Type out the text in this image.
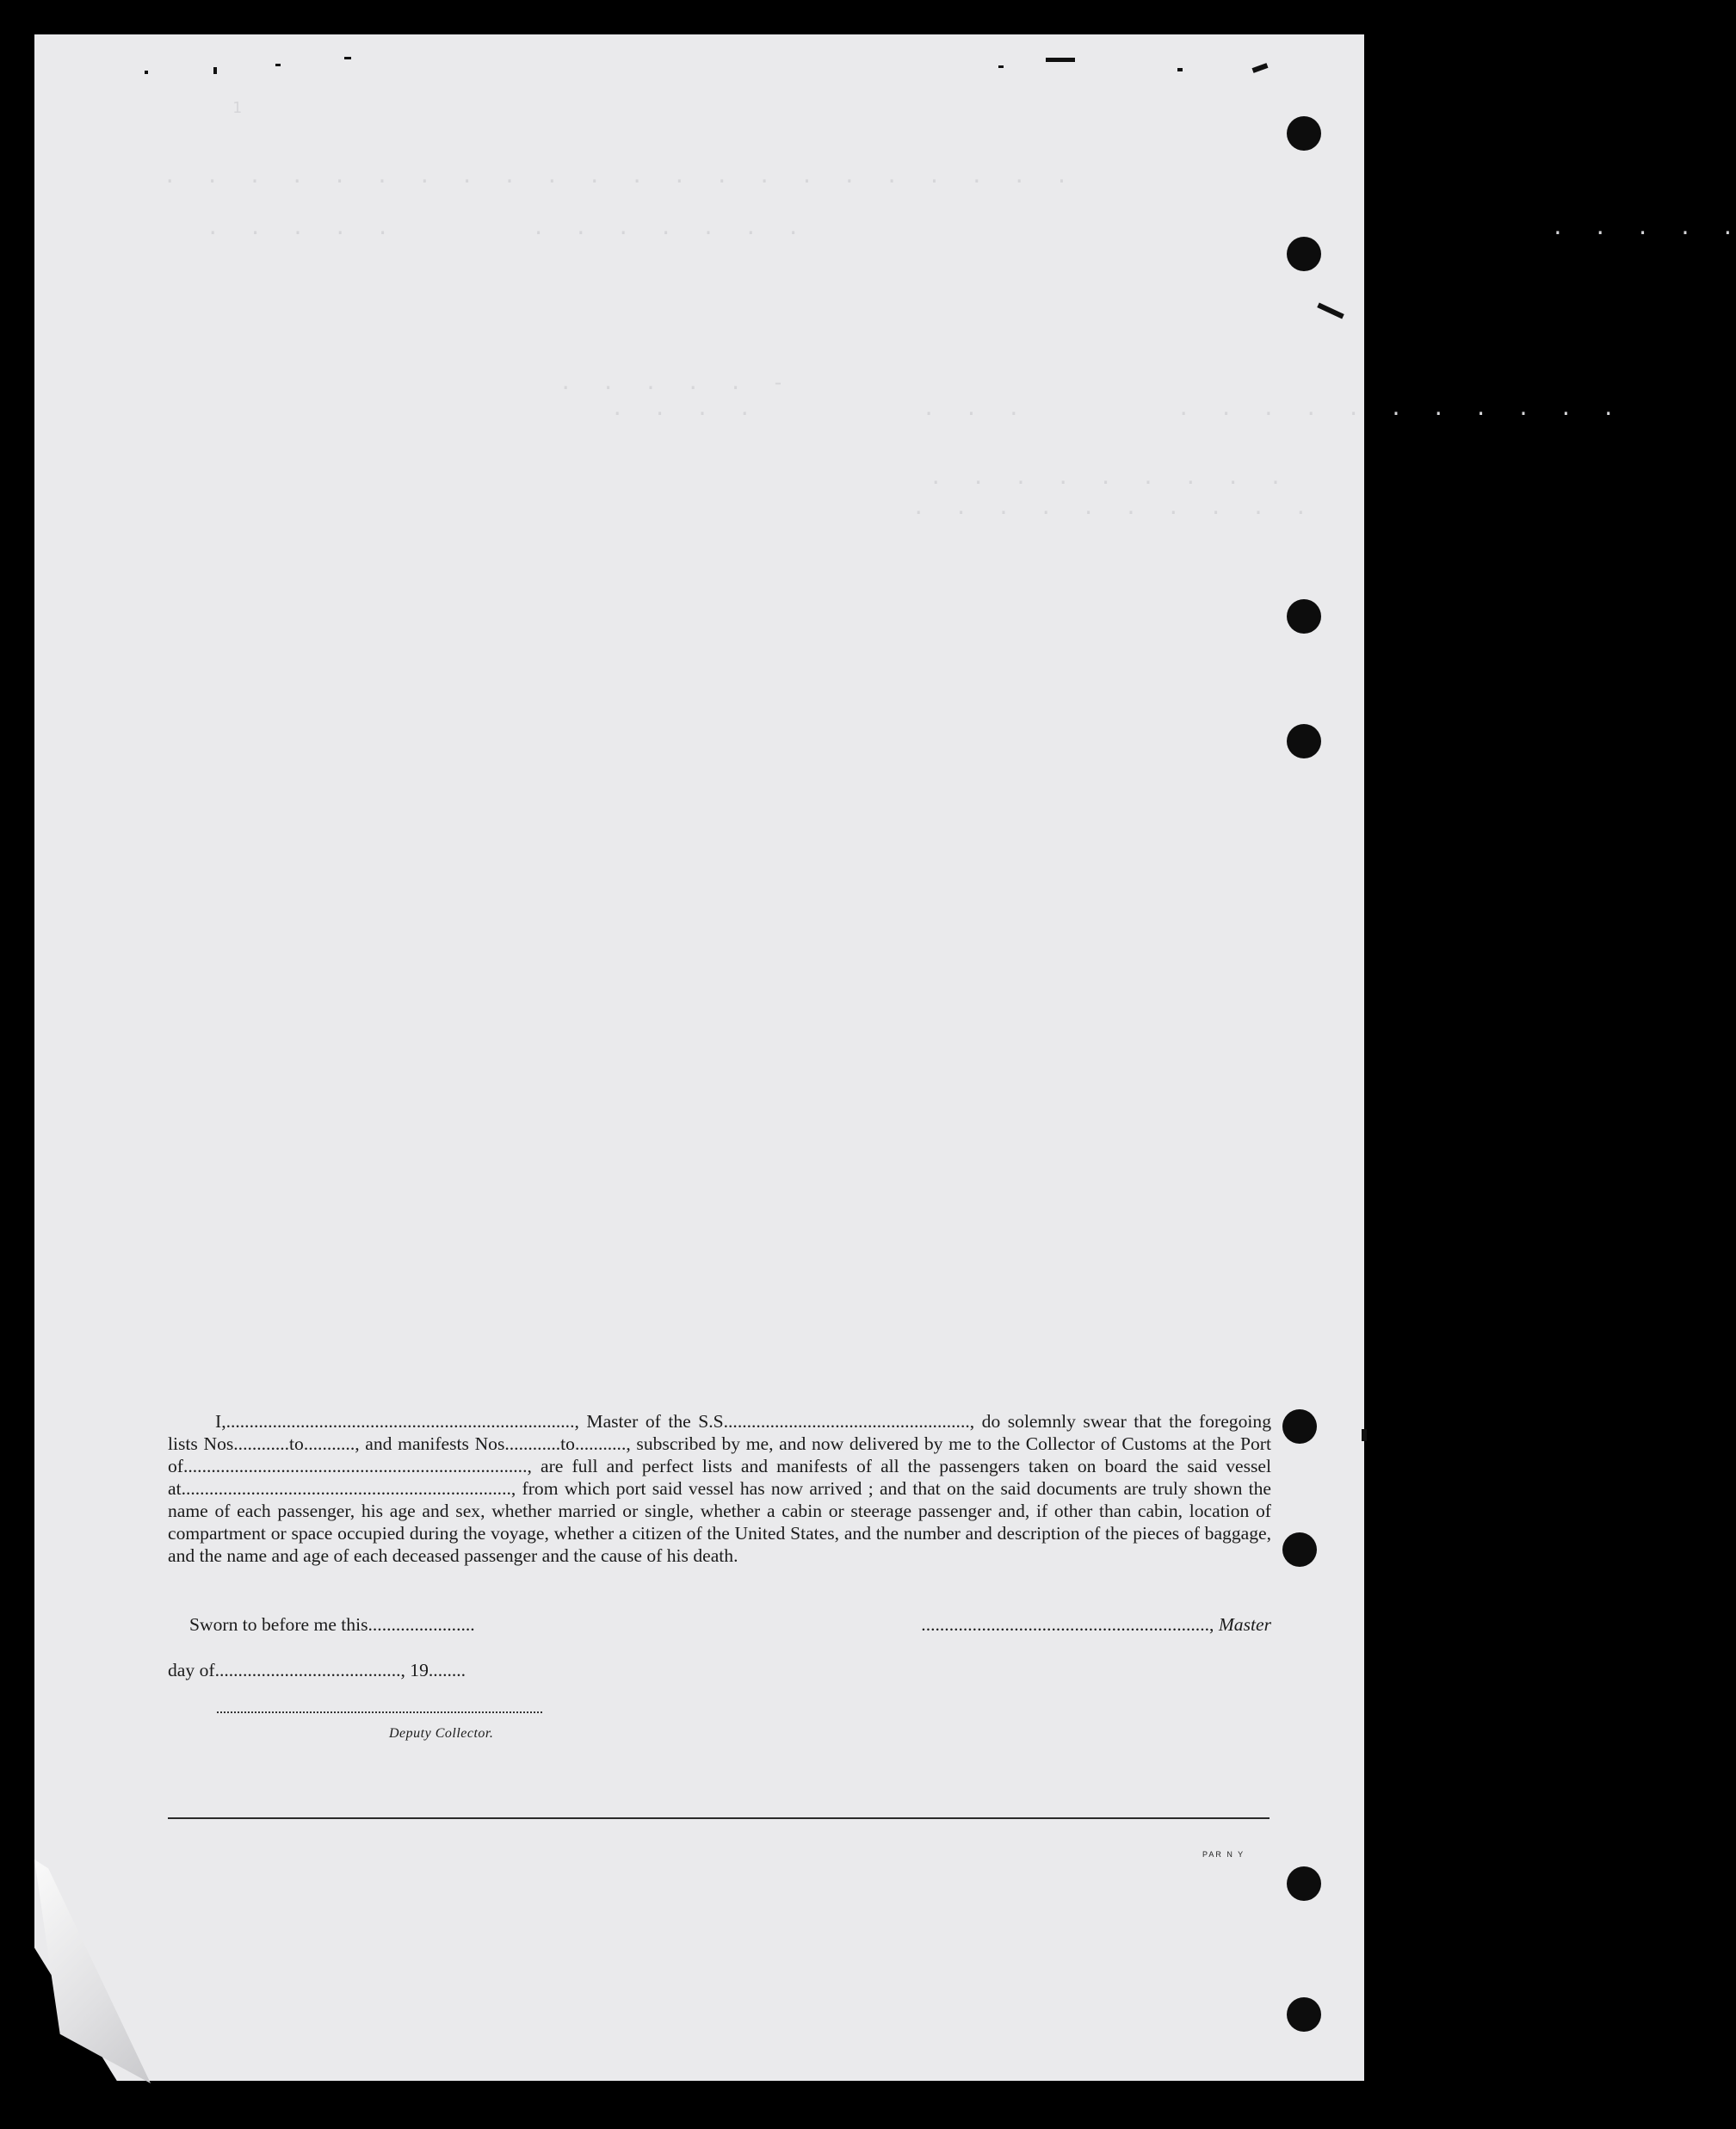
1
.  .  .  .  .  .  .  .  .  .  .  .  .  .  .  .  .  .  .  .  .  .
.  .  .  .  .          .  .  .  .  .  .  .                                                     .  .  .  .  .
.  .  .  .  .  -
.  .  .  .            .  .  .           .  .  .  .  .  .  .  .  .  .  .
.  .  .  .  .  .  .  .  .
.  .  .  .  .  .  .  .  .  .

I,..........................................................................., Master of the S.S....................................................., do solemnly swear that the foregoing lists Nos............to..........., and manifests Nos............to..........., subscribed by me, and now delivered by me to the Collector of Customs at the Port of.........................................................................., are full and perfect lists and manifests of all the passengers taken on board the said vessel at......................................................................., from which port said vessel has now arrived ; and that on the said documents are truly shown the name of each passenger, his age and sex, whether married or single, whether a cabin or steerage passenger and, if other than cabin, location of compartment or space occupied during the voyage, whether a citizen of the United States, and the number and description of the pieces of baggage, and the name and age of each deceased passenger and the cause of his death.

Sworn to before me this.......................	.............................................................., Master
day of........................................, 19........
Deputy Collector.
PAR N Y
